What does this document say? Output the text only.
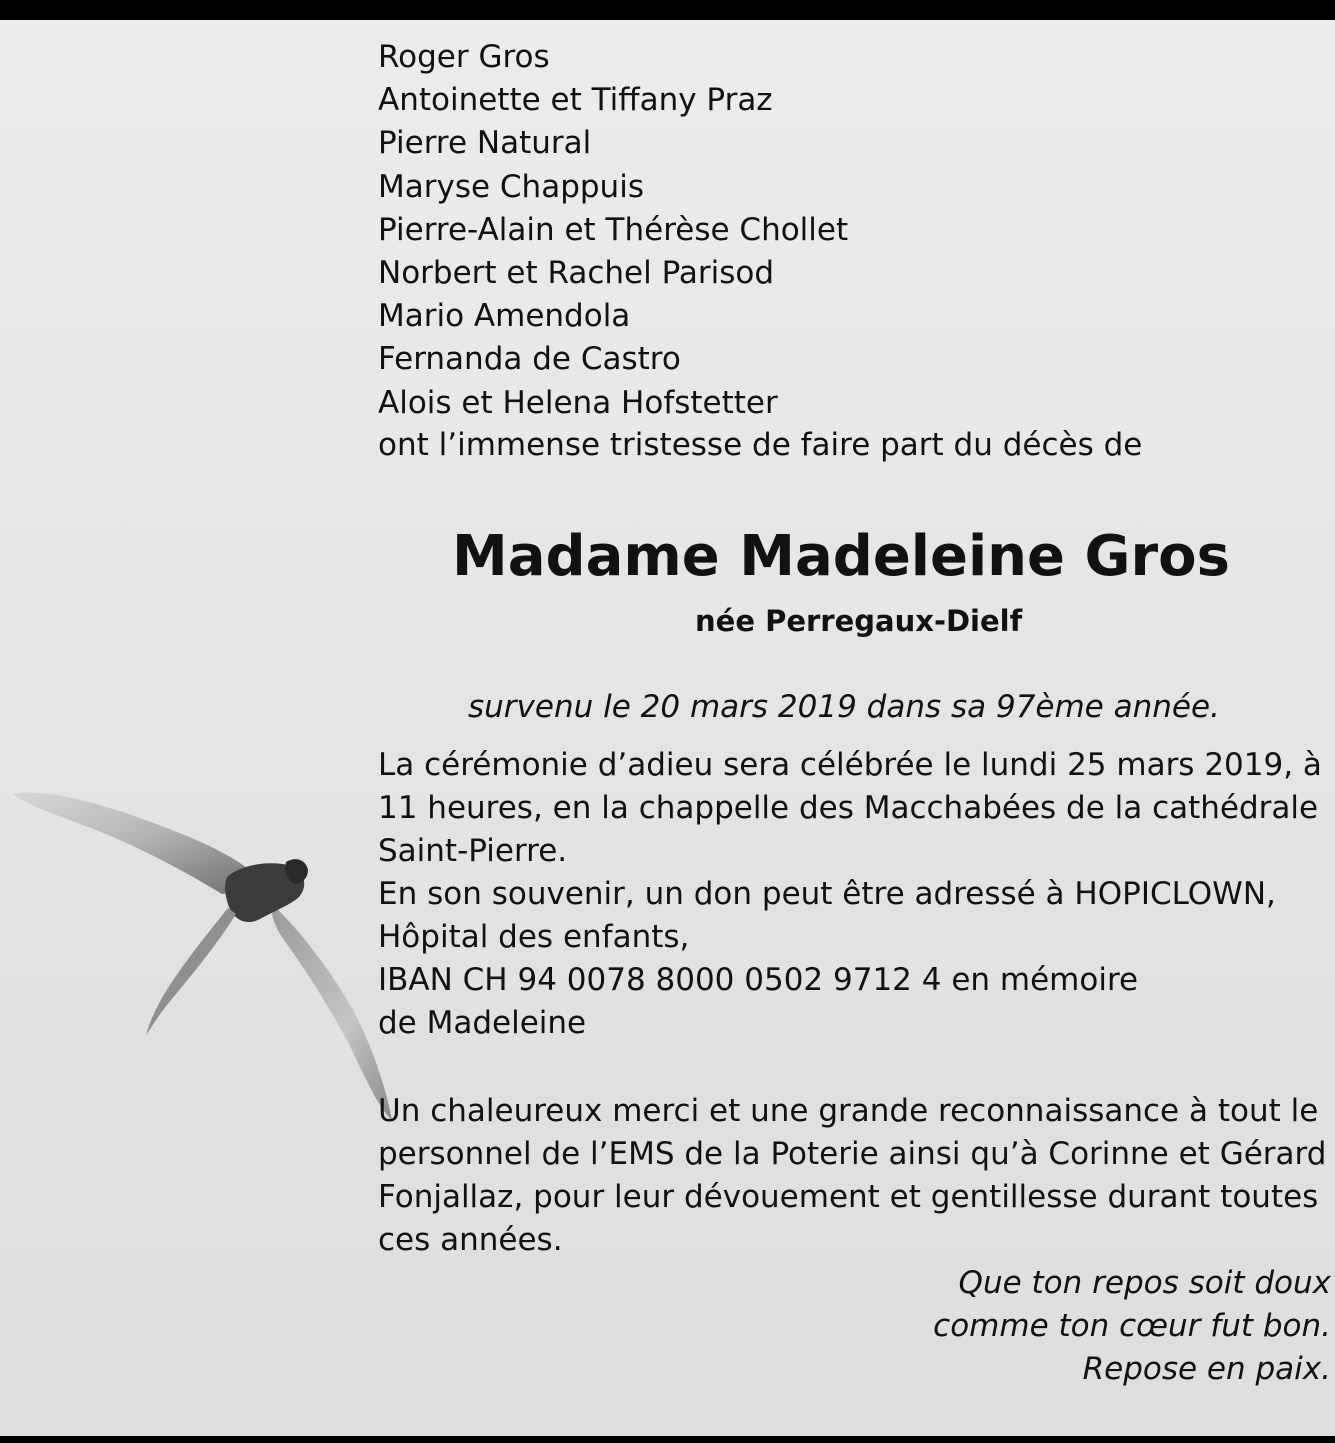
Roger Gros
Antoinette et Tiffany Praz
Pierre Natural
Maryse Chappuis
Pierre-Alain et Thérèse Chollet
Norbert et Rachel Parisod
Mario Amendola
Fernanda de Castro
Alois et Helena Hofstetter
ont l’immense tristesse de faire part du décès de
Madame Madeleine Gros
née Perregaux-Dielf
survenu le 20 mars 2019 dans sa 97ème année.
La cérémonie d’adieu sera célébrée le lundi 25 mars 2019, à
11 heures, en la chappelle des Macchabées de la cathédrale
Saint-Pierre.
En son souvenir, un don peut être adressé à HOPICLOWN,
Hôpital des enfants,
IBAN CH 94 0078 8000 0502 9712 4 en mémoire
de Madeleine
Un chaleureux merci et une grande reconnaissance à tout le
personnel de l’EMS de la Poterie ainsi qu’à Corinne et Gérard
Fonjallaz, pour leur dévouement et gentillesse durant toutes
ces années.
Que ton repos soit doux
comme ton cœur fut bon.
Repose en paix.
